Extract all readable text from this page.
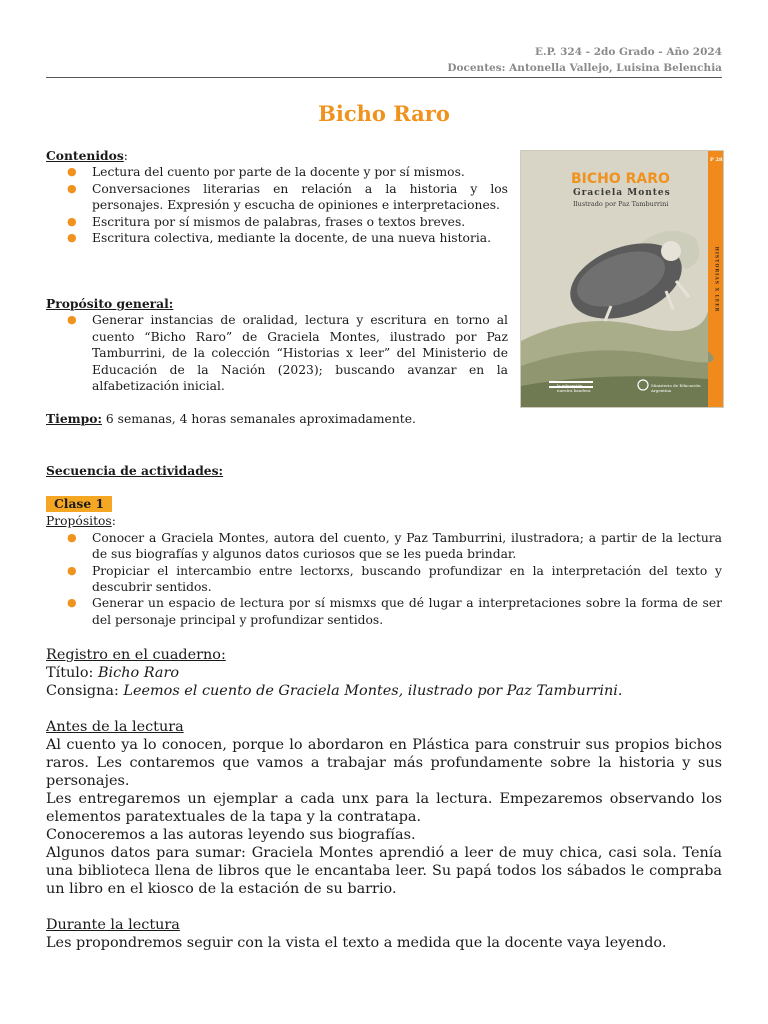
E.P. 324 - 2do Grado - Año 2024
Docentes: Antonella Vallejo, Luisina Belenchia
Bicho Raro
Contenidos:
● Lectura del cuento por parte de la docente y por sí mismos.
● Conversaciones literarias en relación a la historia y los personajes. Expresión y escucha de opiniones e interpretaciones.
● Escritura por sí mismos de palabras, frases o textos breves.
● Escritura colectiva, mediante la docente, de una nueva historia.
Propósito general:
● Generar instancias de oralidad, lectura y escritura en torno al cuento “Bicho Raro” de Graciela Montes, ilustrado por Paz Tamburrini, de la colección “Historias x leer” del Ministerio de Educación de la Nación (2023); buscando avanzar en la alfabetización inicial.
Tiempo: 6 semanas, 4 horas semanales aproximadamente.
BICHO RARO
Graciela Montes
Ilustrado por Paz Tamburrini
P 28
HISTORIAS X LEER
la educación nuestra bandera
Ministerio de Educación Argentina
Secuencia de actividades:
Clase 1
Propósitos:
● Conocer a Graciela Montes, autora del cuento, y Paz Tamburrini, ilustradora; a partir de la lectura de sus biografías y algunos datos curiosos que se les pueda brindar.
● Propiciar el intercambio entre lectorxs, buscando profundizar en la interpretación del texto y descubrir sentidos.
● Generar un espacio de lectura por sí mismxs que dé lugar a interpretaciones sobre la forma de ser del personaje principal y profundizar sentidos.
Registro en el cuaderno:
Título: Bicho Raro
Consigna: Leemos el cuento de Graciela Montes, ilustrado por Paz Tamburrini.
Antes de la lectura
Al cuento ya lo conocen, porque lo abordaron en Plástica para construir sus propios bichos raros. Les contaremos que vamos a trabajar más profundamente sobre la historia y sus personajes.
Les entregaremos un ejemplar a cada unx para la lectura. Empezaremos observando los elementos paratextuales de la tapa y la contratapa.
Conoceremos a las autoras leyendo sus biografías.
Algunos datos para sumar: Graciela Montes aprendió a leer de muy chica, casi sola. Tenía una biblioteca llena de libros que le encantaba leer. Su papá todos los sábados le compraba un libro en el kiosco de la estación de su barrio.
Durante la lectura
Les propondremos seguir con la vista el texto a medida que la docente vaya leyendo.
